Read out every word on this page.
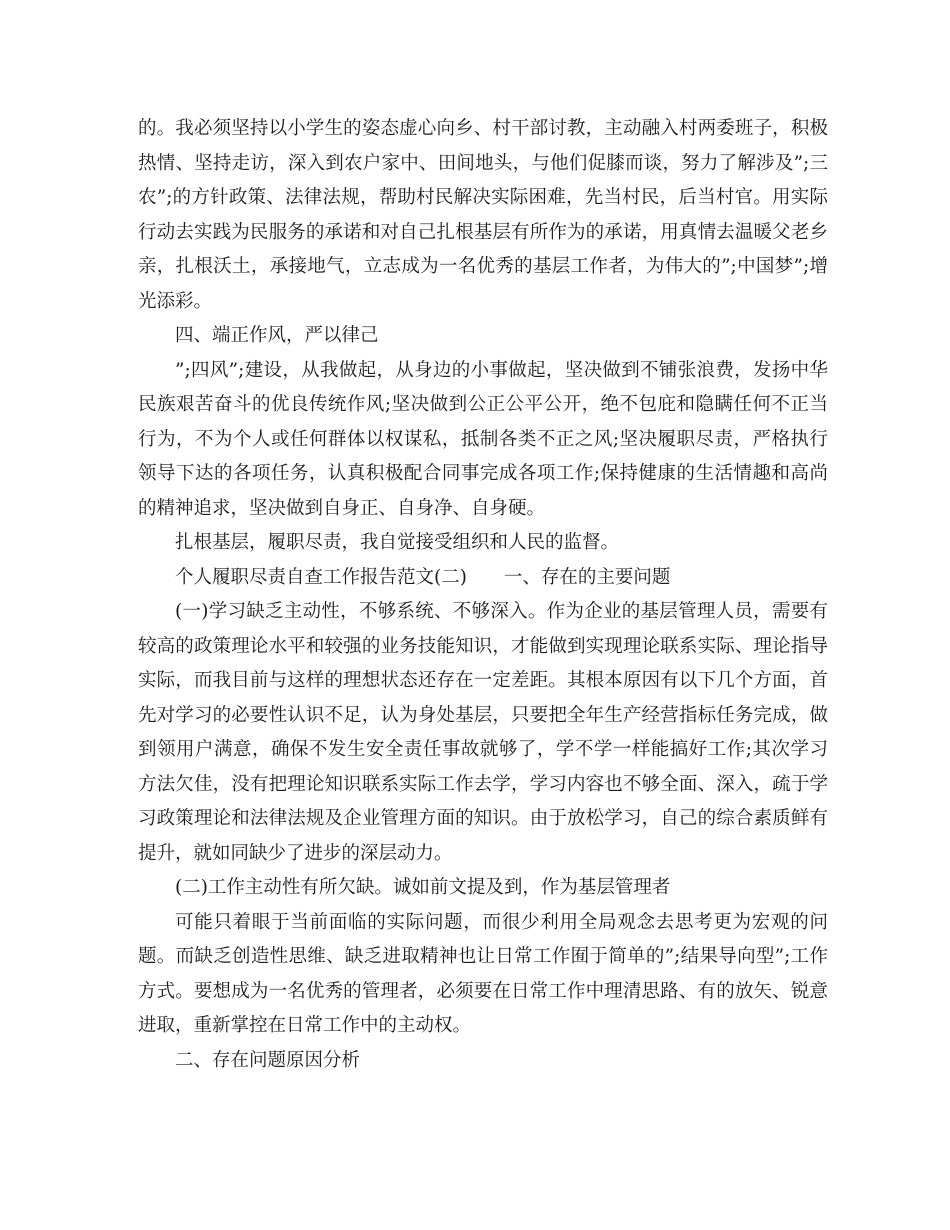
的。我必须坚持以小学生的姿态虚心向乡、村干部讨教，主动融入村两委班子，积极热情、坚持走访，深入到农户家中、田间地头，与他们促膝而谈，努力了解涉及”;三农”;的方针政策、法律法规，帮助村民解决实际困难，先当村民，后当村官。用实际行动去实践为民服务的承诺和对自己扎根基层有所作为的承诺，用真情去温暖父老乡亲，扎根沃土，承接地气，立志成为一名优秀的基层工作者，为伟大的”;中国梦”;增光添彩。

四、端正作风，严以律己

”;四风”;建设，从我做起，从身边的小事做起，坚决做到不铺张浪费，发扬中华民族艰苦奋斗的优良传统作风;坚决做到公正公平公开，绝不包庇和隐瞒任何不正当行为，不为个人或任何群体以权谋私，抵制各类不正之风;坚决履职尽责，严格执行领导下达的各项任务，认真积极配合同事完成各项工作;保持健康的生活情趣和高尚的精神追求，坚决做到自身正、自身净、自身硬。

扎根基层，履职尽责，我自觉接受组织和人民的监督。

个人履职尽责自查工作报告范文(二)　　一、存在的主要问题

(一)学习缺乏主动性，不够系统、不够深入。作为企业的基层管理人员，需要有较高的政策理论水平和较强的业务技能知识，才能做到实现理论联系实际、理论指导实际，而我目前与这样的理想状态还存在一定差距。其根本原因有以下几个方面，首先对学习的必要性认识不足，认为身处基层，只要把全年生产经营指标任务完成，做到领用户满意，确保不发生安全责任事故就够了，学不学一样能搞好工作;其次学习方法欠佳，没有把理论知识联系实际工作去学，学习内容也不够全面、深入，疏于学习政策理论和法律法规及企业管理方面的知识。由于放松学习，自己的综合素质鲜有提升，就如同缺少了进步的深层动力。

(二)工作主动性有所欠缺。诚如前文提及到，作为基层管理者

可能只着眼于当前面临的实际问题，而很少利用全局观念去思考更为宏观的问题。而缺乏创造性思维、缺乏进取精神也让日常工作囿于简单的”;结果导向型”;工作方式。要想成为一名优秀的管理者，必须要在日常工作中理清思路、有的放矢、锐意进取，重新掌控在日常工作中的主动权。

二、存在问题原因分析
